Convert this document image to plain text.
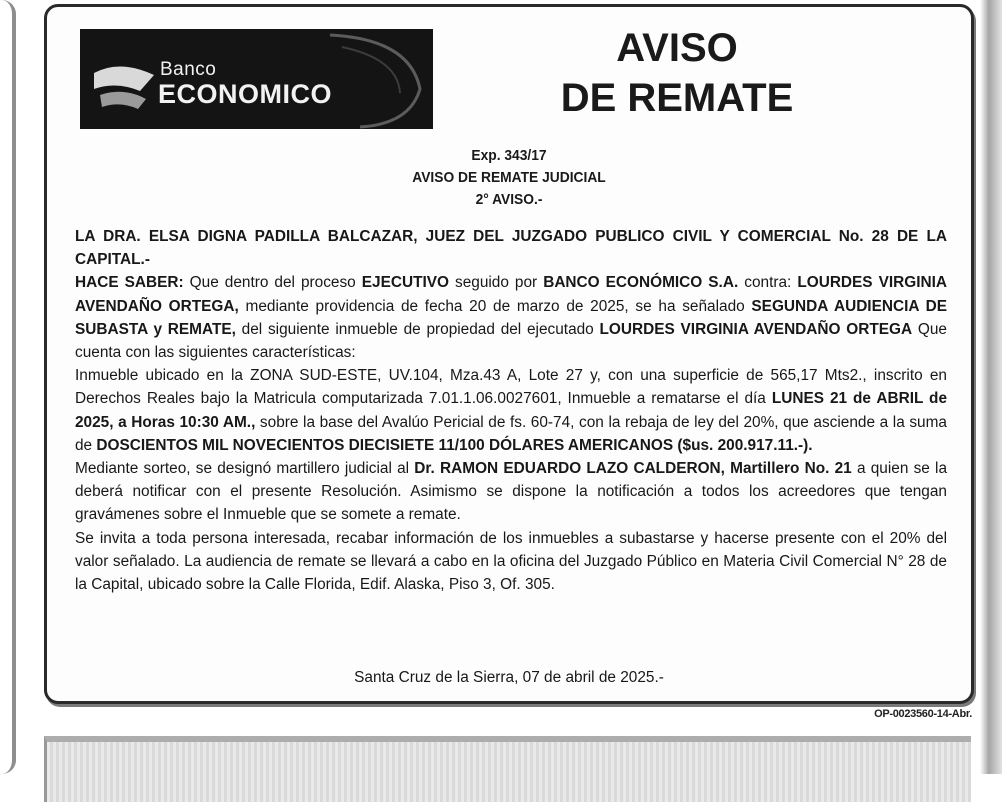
Banco
ECONOMICO
AVISO
DE REMATE
Exp. 343/17
AVISO DE REMATE JUDICIAL
2° AVISO.-

LA DRA. ELSA DIGNA PADILLA BALCAZAR, JUEZ DEL JUZGADO PUBLICO CIVIL Y COMERCIAL No. 28 DE LA CAPITAL.-

HACE SABER: Que dentro del proceso EJECUTIVO seguido por BANCO ECONÓMICO S.A. contra: LOURDES VIRGINIA AVENDAÑO ORTEGA, mediante providencia de fecha 20 de marzo de 2025, se ha señalado SEGUNDA AUDIENCIA DE SUBASTA y REMATE, del siguiente inmueble de propiedad del ejecutado LOURDES VIRGINIA AVENDAÑO ORTEGA Que cuenta con las siguientes características:

Inmueble ubicado en la ZONA SUD-ESTE, UV.104, Mza.43 A, Lote 27 y, con una superficie de 565,17 Mts2., inscrito en Derechos Reales bajo la Matricula computarizada 7.01.1.06.0027601, Inmueble a rematarse el día LUNES 21 de ABRIL de 2025, a Horas 10:30 AM., sobre la base del Avalúo Pericial de fs. 60-74, con la rebaja de ley del 20%, que asciende a la suma de DOSCIENTOS MIL NOVECIENTOS DIECISIETE 11/100 DÓLARES AMERICANOS ($us. 200.917.11.-).

Mediante sorteo, se designó martillero judicial al Dr. RAMON EDUARDO LAZO CALDERON, Martillero No. 21 a quien se la deberá notificar con el presente Resolución. Asimismo se dispone la notificación a todos los acreedores que tengan gravámenes sobre el Inmueble que se somete a remate.

Se invita a toda persona interesada, recabar información de los inmuebles a subastarse y hacerse presente con el 20% del valor señalado. La audiencia de remate se llevará a cabo en la oficina del Juzgado Público en Materia Civil Comercial N° 28 de la Capital, ubicado sobre la Calle Florida, Edif. Alaska, Piso 3, Of. 305.

Santa Cruz de la Sierra, 07 de abril de 2025.-
OP-0023560-14-Abr.
